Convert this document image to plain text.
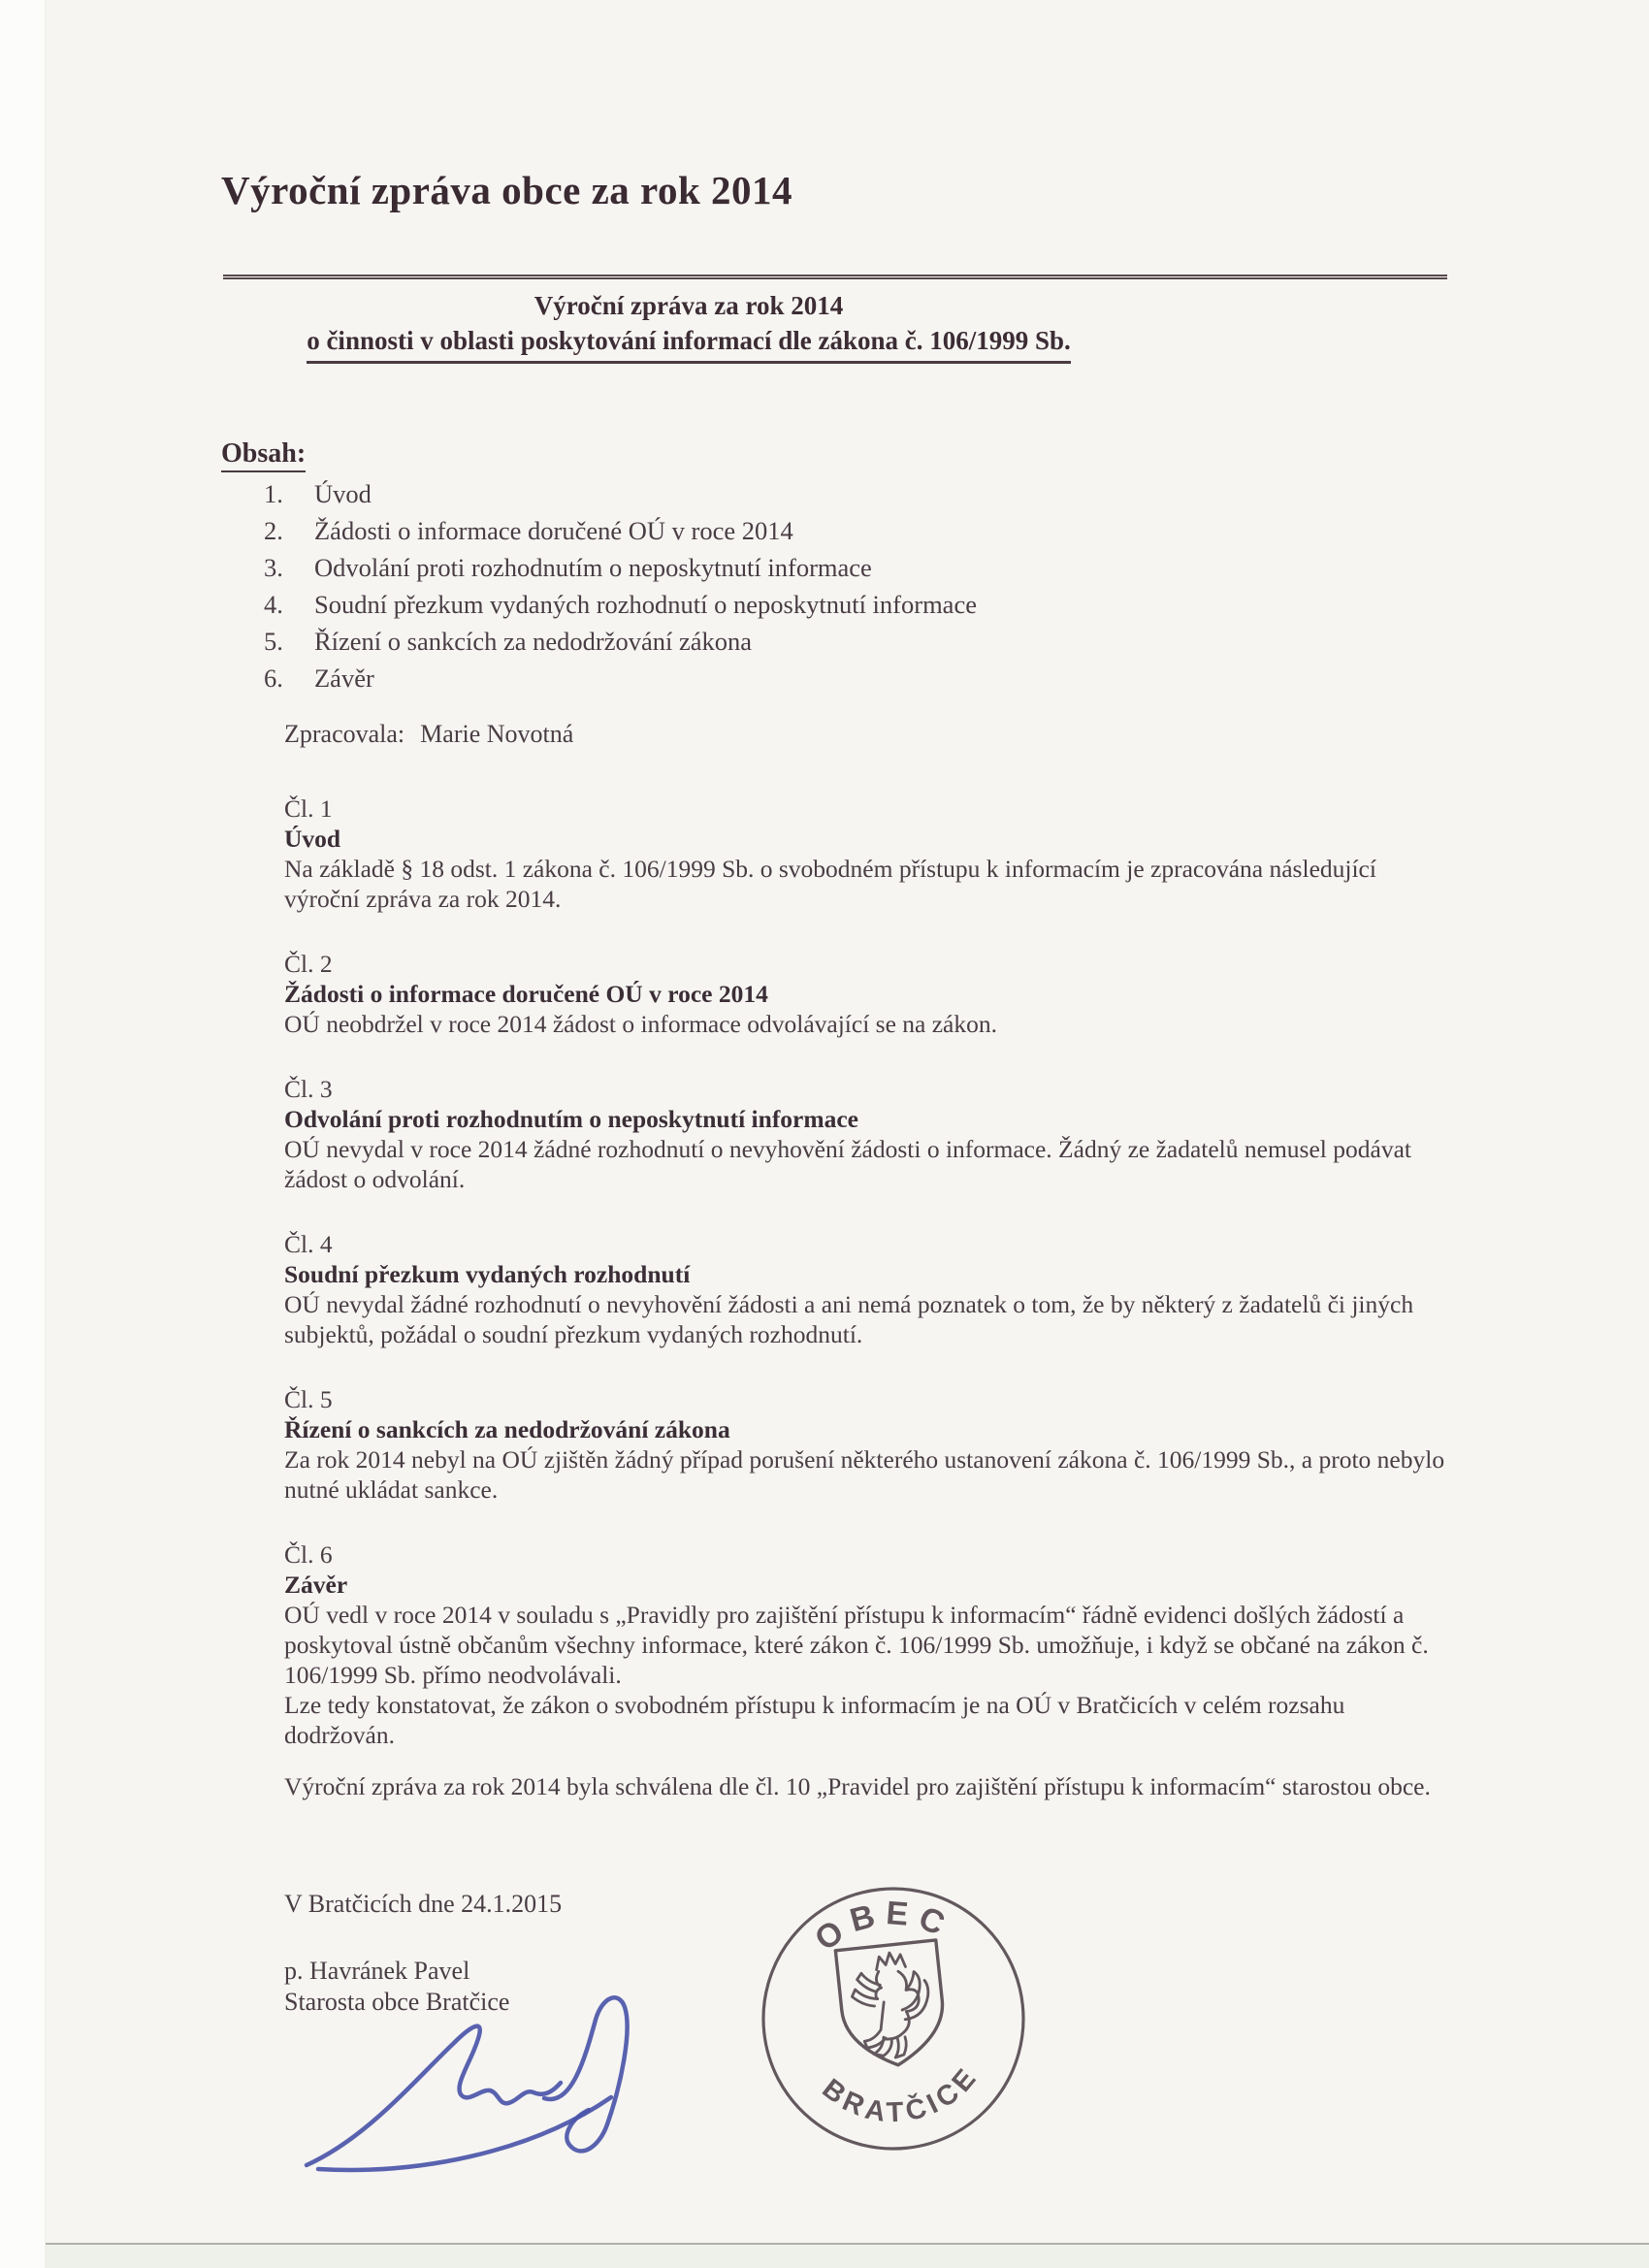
Výroční zpráva obce za rok 2014
Výroční zpráva za rok 2014
o činnosti v oblasti poskytování informací dle zákona č. 106/1999 Sb.
Obsah:
1. Úvod
2. Žádosti o informace doručené OÚ v roce 2014
3. Odvolání proti rozhodnutím o neposkytnutí informace
4. Soudní přezkum vydaných rozhodnutí o neposkytnutí informace
5. Řízení o sankcích za nedodržování zákona
6. Závěr
Zpracovala: Marie Novotná
Čl. 1
Úvod
Na základě § 18 odst. 1 zákona č. 106/1999 Sb. o svobodném přístupu k informacím je zpracována následující výroční zpráva za rok 2014.
Čl. 2
Žádosti o informace doručené OÚ v roce 2014
OÚ neobdržel v roce 2014 žádost o informace odvolávající se na zákon.
Čl. 3
Odvolání proti rozhodnutím o neposkytnutí informace
OÚ nevydal v roce 2014 žádné rozhodnutí o nevyhovění žádosti o informace. Žádný ze žadatelů nemusel podávat žádost o odvolání.
Čl. 4
Soudní přezkum vydaných rozhodnutí
OÚ nevydal žádné rozhodnutí o nevyhovění žádosti a ani nemá poznatek o tom, že by některý z žadatelů či jiných subjektů, požádal o soudní přezkum vydaných rozhodnutí.
Čl. 5
Řízení o sankcích za nedodržování zákona
Za rok 2014 nebyl na OÚ zjištěn žádný případ porušení některého ustanovení zákona č. 106/1999 Sb., a proto nebylo nutné ukládat sankce.
Čl. 6
Závěr
OÚ vedl v roce 2014 v souladu s „Pravidly pro zajištění přístupu k informacím“ řádně evidenci došlých žádostí a poskytoval ústně občanům všechny informace, které zákon č. 106/1999 Sb. umožňuje, i když se občané na zákon č. 106/1999 Sb. přímo neodvolávali.
Lze tedy konstatovat, že zákon o svobodném přístupu k informacím je na OÚ v Bratčicích v celém rozsahu dodržován.
Výroční zpráva za rok 2014 byla schválena dle čl. 10 „Pravidel pro zajištění přístupu k informacím“ starostou obce.
V Bratčicích dne 24.1.2015
p. Havránek Pavel
Starosta obce Bratčice
OBEC
BRATČICE
